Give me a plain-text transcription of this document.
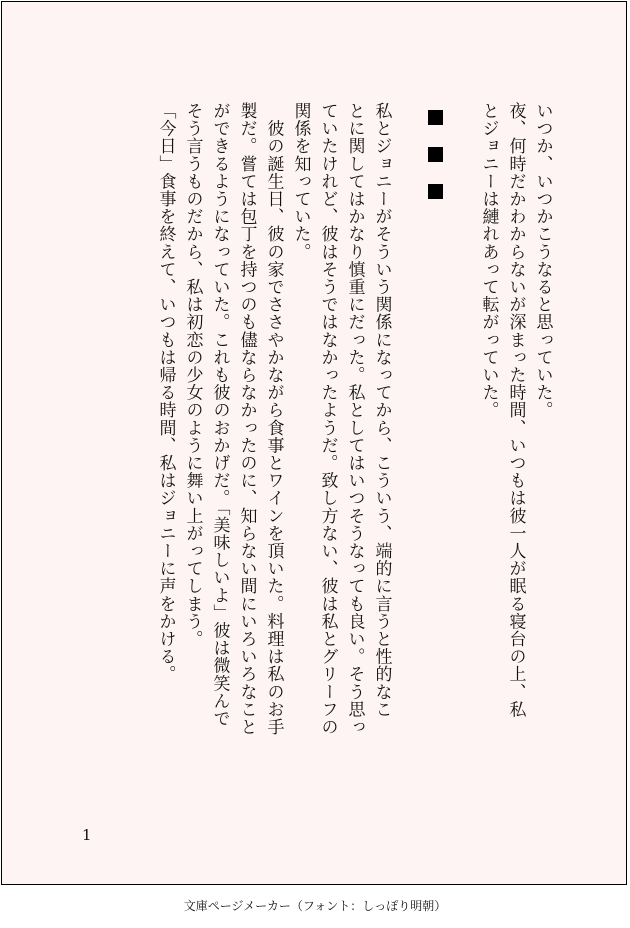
いつか、いつかこうなると思っていた。
夜、何時だかわからないが深まった時間、いつもは彼一人が眠る寝台の上、私
とジョニーは縺れあって転がっていた。
私とジョニーがそういう関係になってから、こういう、端的に言うと性的なこ
とに関してはかなり慎重にだった。私としてはいつそうなっても良い。そう思っ
ていたけれど、彼はそうではなかったようだ。致し方ない、彼は私とグリーフの
関係を知っていた。
　彼の誕生日、彼の家でささやかながら食事とワインを頂いた。料理は私のお手
製だ。嘗ては包丁を持つのも儘ならなかったのに、知らない間にいろいろなこと
ができるようになっていた。これも彼のおかげだ。「美味しいよ」彼は微笑んで
そう言うものだから、私は初恋の少女のように舞い上がってしまう。
「今日」食事を終えて、いつもは帰る時間、私はジョニーに声をかける。
1
文庫ページメーカー（フォント：しっぽり明朝）
